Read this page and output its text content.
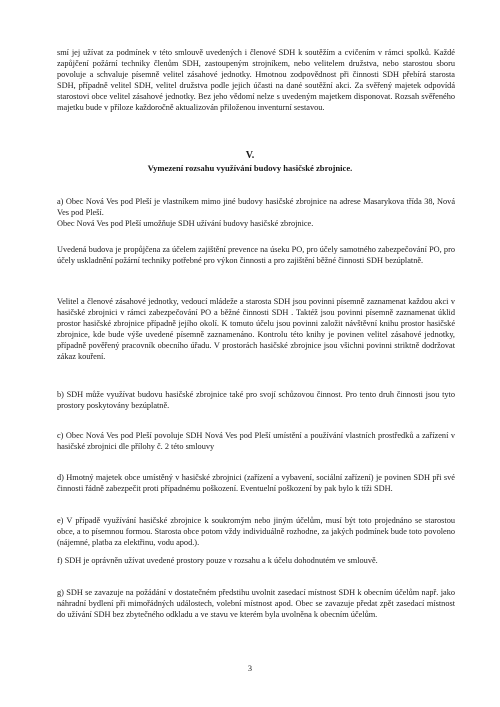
smí jej užívat za podmínek v této smlouvě uvedených i členové SDH k soutěžím a cvičením v rámci spolků. Každé zapůjčení požární techniky členům SDH, zastoupeným strojníkem, nebo velitelem družstva, nebo starostou sboru povoluje a schvaluje písemně velitel zásahové jednotky. Hmotnou zodpovědnost při činnosti SDH přebírá starosta SDH, případně velitel SDH, velitel družstva podle jejich účasti na dané soutěžní akci. Za svěřený majetek odpovídá starostovi obce velitel zásahové jednotky. Bez jeho vědomí nelze s uvedeným majetkem disponovat. Rozsah svěřeného majetku bude v příloze každoročně aktualizován přiloženou inventurní sestavou.

V.

Vymezení rozsahu využívání budovy hasičské zbrojnice.

a) Obec Nová Ves pod Pleší je vlastníkem mimo jiné budovy hasičské zbrojnice na adrese Masarykova třída 38, Nová Ves pod Pleší.
Obec Nová Ves pod Pleší umožňuje SDH užívání budovy hasičské zbrojnice.

Uvedená budova je propůjčena za účelem zajištění prevence na úseku PO, pro účely samotného zabezpečování PO, pro účely uskladnění požární techniky potřebné pro výkon činnosti a pro zajištění běžné činnosti SDH bezúplatně.

Velitel a členové zásahové jednotky, vedoucí mládeže a starosta SDH jsou povinni písemně zaznamenat každou akci v hasičské zbrojnici v rámci zabezpečování PO a běžné činnosti SDH . Taktéž jsou povinni písemně zaznamenat úklid prostor hasičské zbrojnice případně jejího okolí. K tomuto účelu jsou povinni založit návštěvní knihu prostor hasičské zbrojnice, kde bude výše uvedené písemně zaznamenáno. Kontrolu této knihy je povinen velitel zásahové jednotky, případně pověřený pracovník obecního úřadu. V prostorách hasičské zbrojnice jsou všichni povinni striktně dodržovat zákaz kouření.

b) SDH může využívat budovu hasičské zbrojnice také pro svojí schůzovou činnost. Pro tento druh činnosti jsou tyto prostory poskytovány bezúplatně.

c) Obec Nová Ves pod Pleší povoluje SDH Nová Ves pod Pleší umístění a používání vlastních prostředků a zařízení v hasičské zbrojnici dle přílohy č. 2 této smlouvy

d) Hmotný majetek obce umístěný v hasičské zbrojnici (zařízení a vybavení, sociální zařízení) je povinen SDH při své činnosti řádně zabezpečit proti případnému poškození. Eventuelní poškození by pak bylo k tíži SDH.

e) V případě využívání hasičské zbrojnice k soukromým nebo jiným účelům, musí být toto projednáno se starostou obce, a to písemnou formou. Starosta obce potom vždy individuálně rozhodne, za jakých podmínek bude toto povoleno (nájemné, platba za elektřinu, vodu apod.).

f) SDH je oprávněn užívat uvedené prostory pouze v rozsahu a k účelu dohodnutém ve smlouvě.

g) SDH se zavazuje na požádání v dostatečném předstihu uvolnit zasedací místnost SDH k obecním účelům např. jako náhradní bydlení při mimořádných událostech, volební místnost apod. Obec se zavazuje předat zpět zasedací místnost do užívání SDH bez zbytečného odkladu a ve stavu ve kterém byla uvolněna k obecním účelům.

3
